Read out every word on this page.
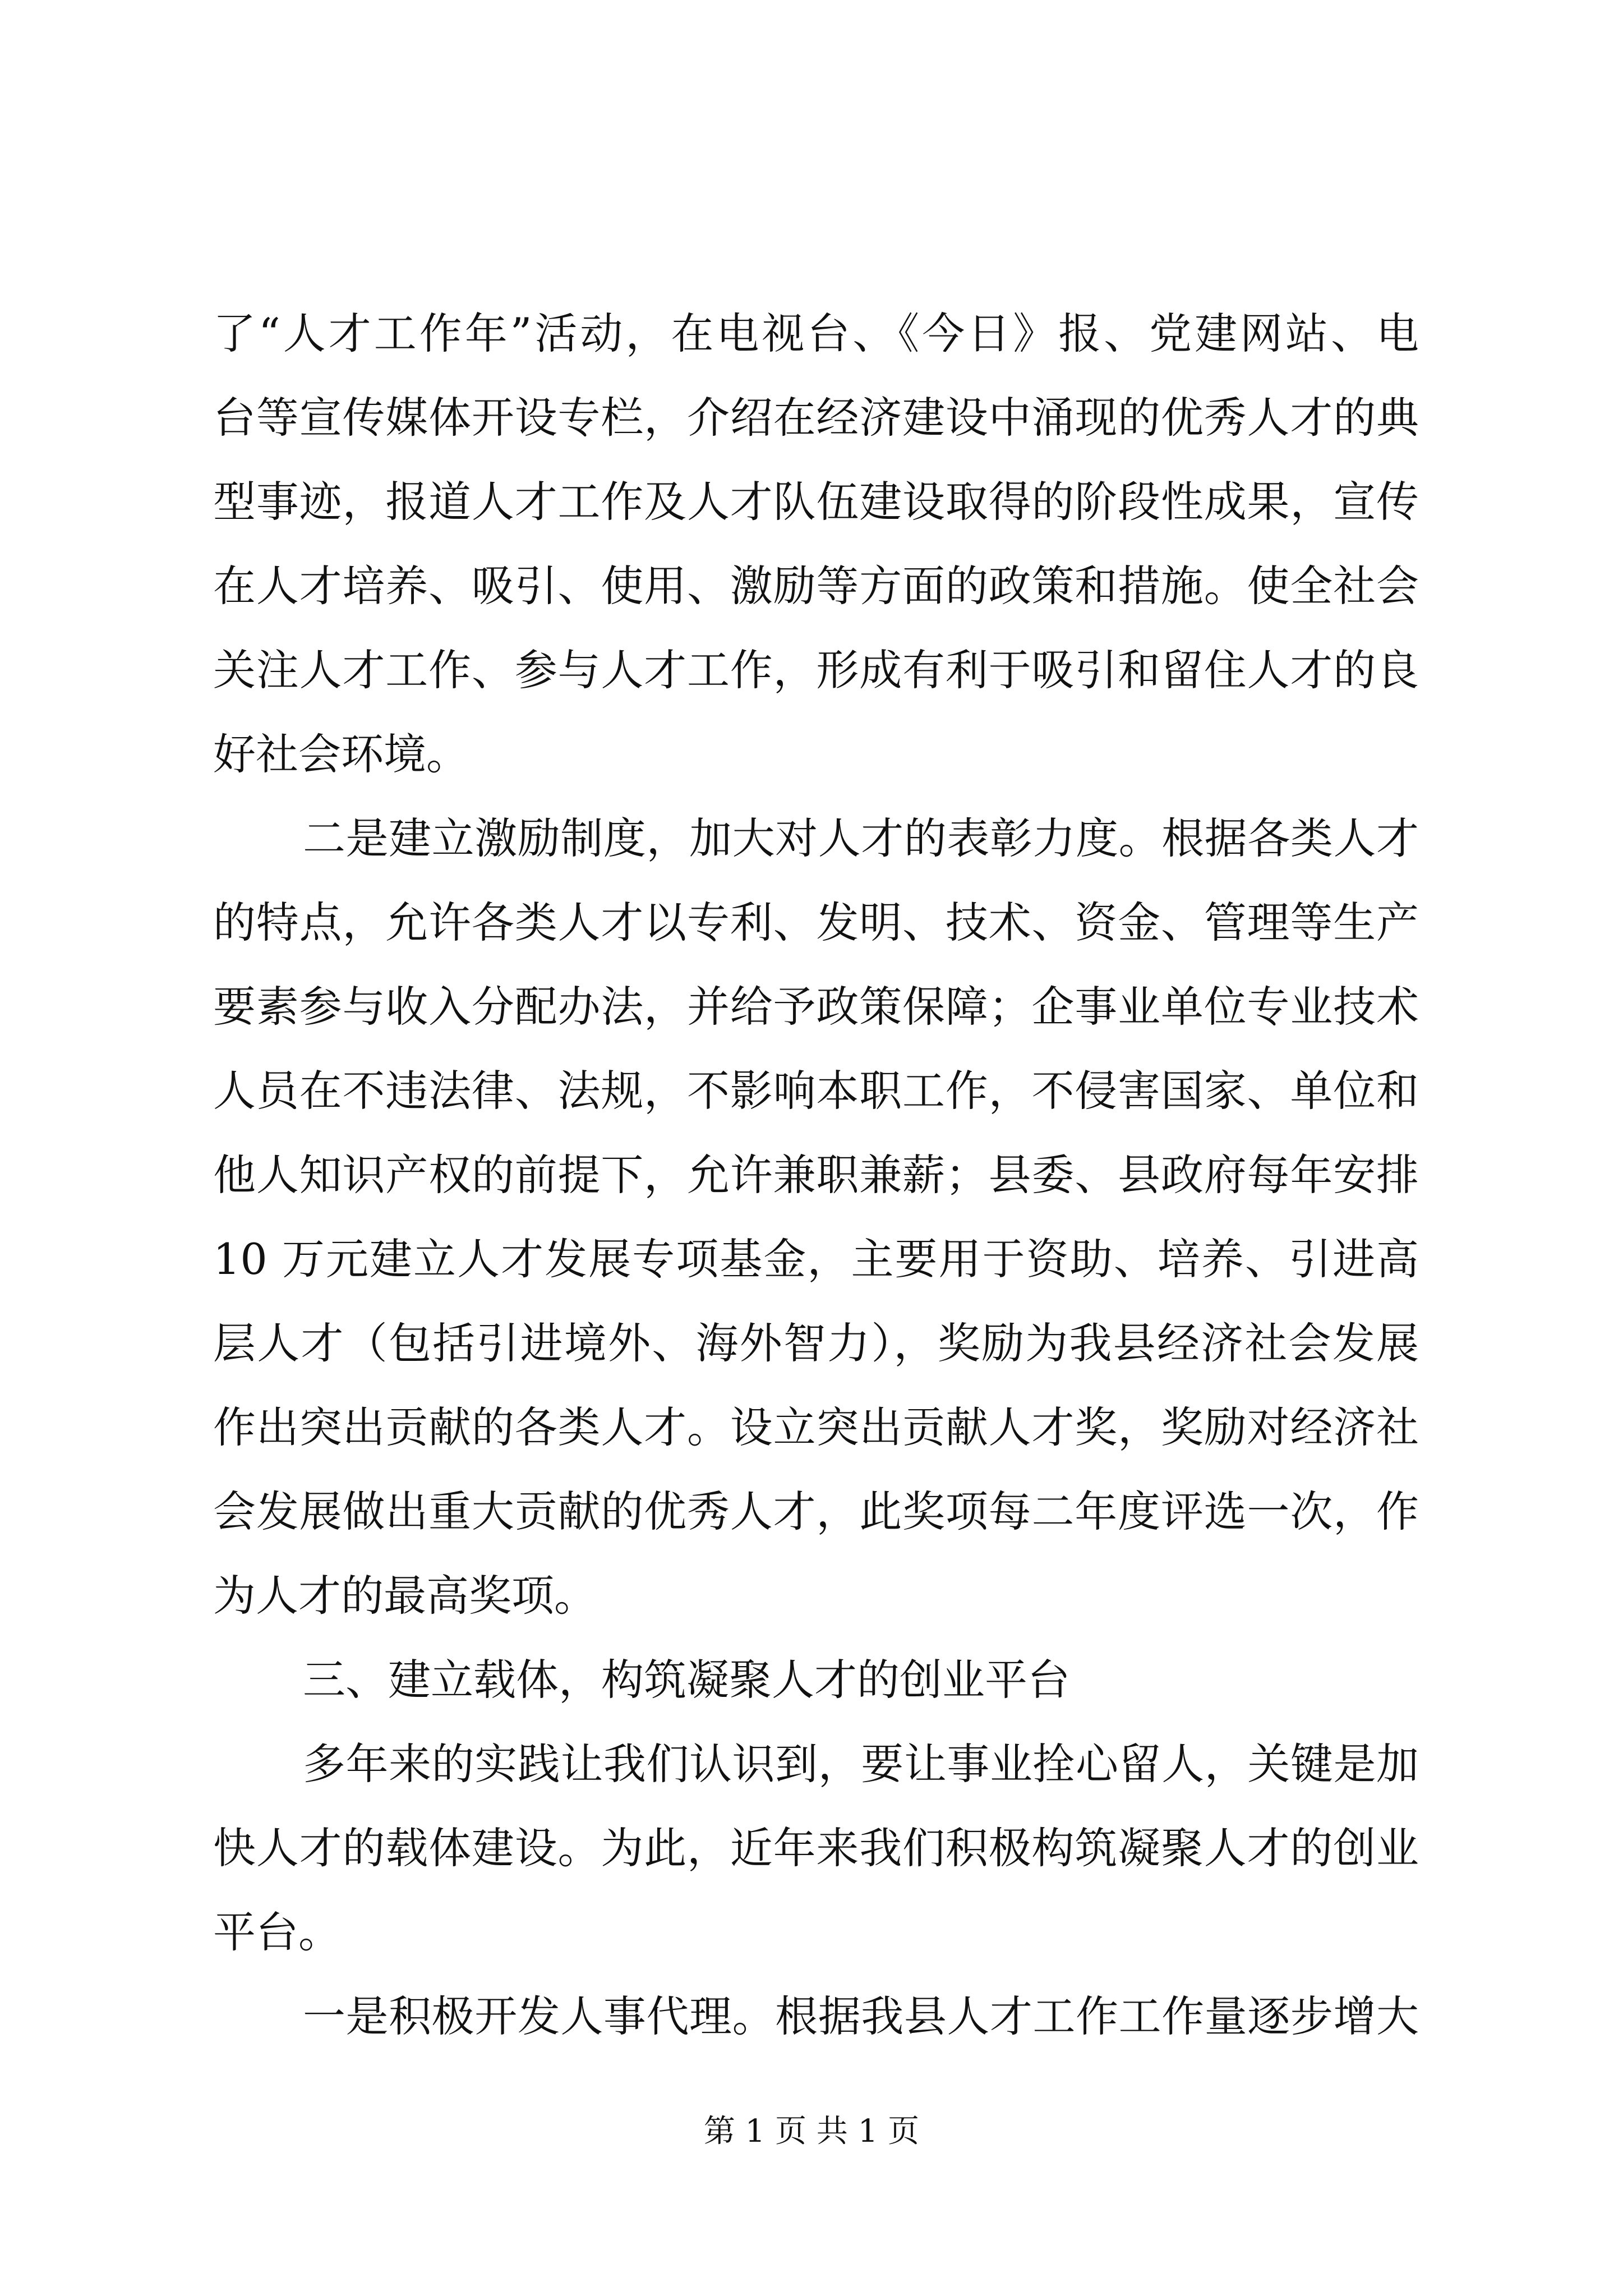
了“人才工作年”活动，在电视台、《今日》报、党建网站、电
台等宣传媒体开设专栏，介绍在经济建设中涌现的优秀人才的典
型事迹，报道人才工作及人才队伍建设取得的阶段性成果，宣传
在人才培养、吸引、使用、激励等方面的政策和措施。使全社会
关注人才工作、参与人才工作，形成有利于吸引和留住人才的良
好社会环境。
二是建立激励制度，加大对人才的表彰力度。根据各类人才
的特点，允许各类人才以专利、发明、技术、资金、管理等生产
要素参与收入分配办法，并给予政策保障；企事业单位专业技术
人员在不违法律、法规，不影响本职工作，不侵害国家、单位和
他人知识产权的前提下，允许兼职兼薪；县委、县政府每年安排
10 万元建立人才发展专项基金，主要用于资助、培养、引进高
层人才（包括引进境外、海外智力），奖励为我县经济社会发展
作出突出贡献的各类人才。设立突出贡献人才奖，奖励对经济社
会发展做出重大贡献的优秀人才，此奖项每二年度评选一次，作
为人才的最高奖项。
三、建立载体，构筑凝聚人才的创业平台
多年来的实践让我们认识到，要让事业拴心留人，关键是加
快人才的载体建设。为此，近年来我们积极构筑凝聚人才的创业
平台。
一是积极开发人事代理。根据我县人才工作工作量逐步增大
第 1 页 共 1 页
